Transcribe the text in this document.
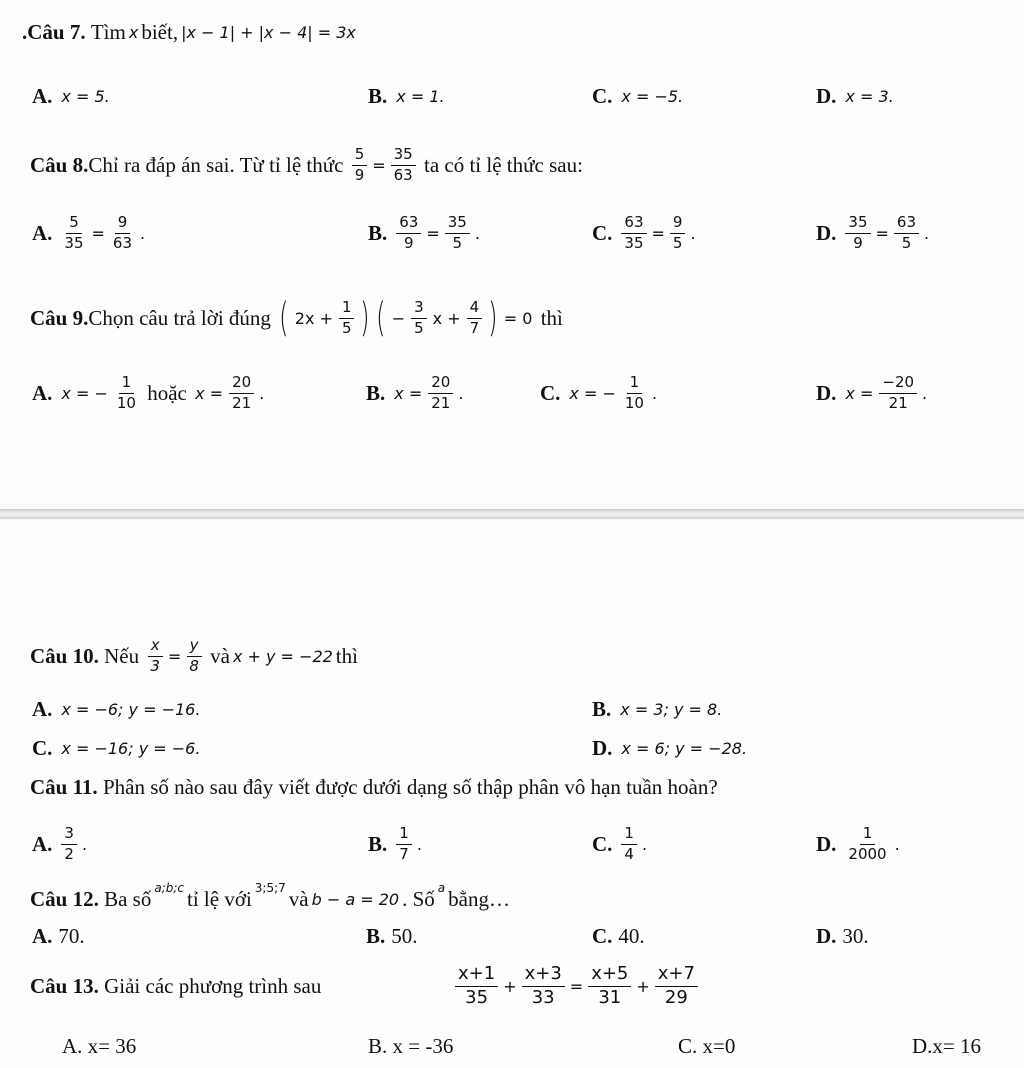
. Câu 7.
Tìm x biết, |x − 1| + |x − 4| = 3x
A. x = 5.	B. x = 1.	C. x = −5.	D. x = 3.
Câu 8. Chỉ ra đáp án sai. Từ tỉ lệ thức
$\frac{5}{9} = \frac{35}{63}$
ta có tỉ lệ thức sau:
A. $\frac{5}{35} = \frac{9}{63}$ .	B. $\frac{63}{9} = \frac{35}{5}$ .	C. $\frac{63}{35} = \frac{9}{5}$ .	D. $\frac{35}{9} = \frac{63}{5}$ .
Câu 9. Chọn câu trả lời đúng
( $2x + \frac{1}{5}$ ) ( − $\frac{3}{5}$ $x + \frac{4}{7}$ ) = 0
thì
A. x = − $\frac{1}{10}$
hoặc
$x = \frac{20}{21}$ .	B. $x = \frac{20}{21}$ .	C. x = − $\frac{1}{10}$ .	D. $x = \frac{-20}{21}$ .
Câu 10.
Nếu
$\frac{x}{3} = \frac{y}{8}$
và x + y = −22 thì
A. x = −6; y = −16.	B. x = 3; y = 8.
C. x = −16; y = −6.	D. x = 6; y = −28.
Câu 11.
Phân số nào sau đây viết được dưới dạng số thập phân vô hạn tuần hoàn?
A. $\frac{3}{2}$ .	B. $\frac{1}{7}$ .	C. $\frac{1}{4}$ .	D. $\frac{1}{2000}$ .
Câu 12.
Ba số a;b;c tỉ lệ với 3;5;7 và b − a = 20 . Số a bằng…
A. 70.	B. 50.	C. 40.	D. 30.
Câu 13.
Giải các phương trình sau	$\frac{x+1}{35} + \frac{x+3}{33} = \frac{x+5}{31} + \frac{x+7}{29}$
A.
x= 36	B.
x = -36	C.
x=0	D. x= 16
